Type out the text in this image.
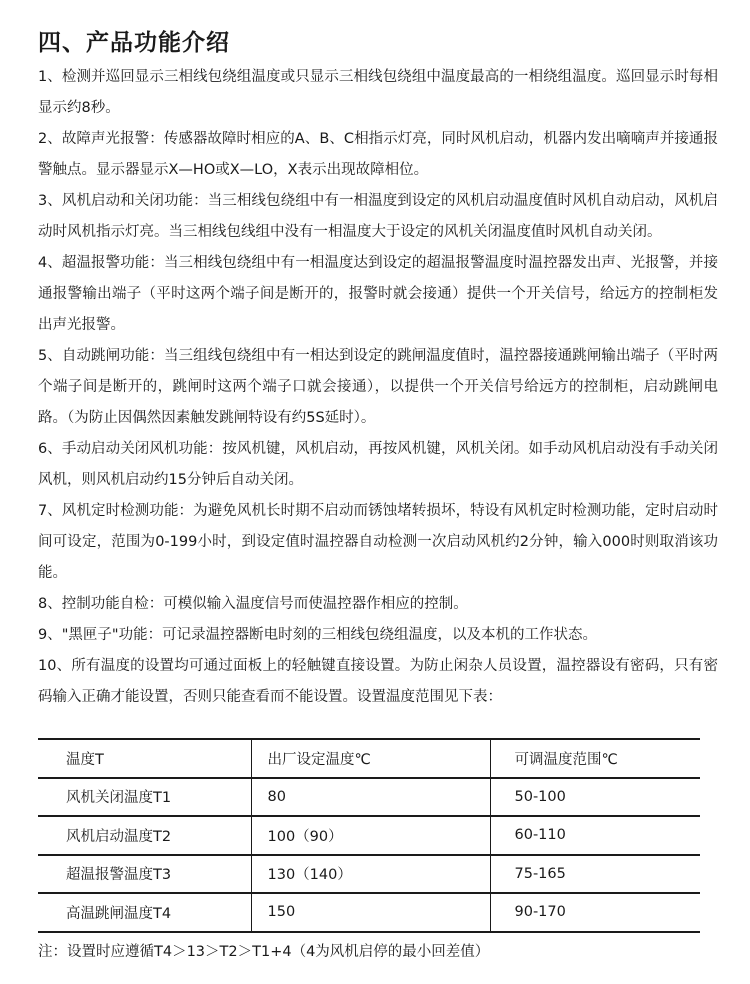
四、产品功能介绍
1、检测并巡回显示三相线包绕组温度或只显示三相线包绕组中温度最高的一相绕组温度。巡回显示时每相显示约8秒。
2、故障声光报警：传感器故障时相应的A、B、C相指示灯亮，同时风机启动，机器内发出嘀嘀声并接通报警触点。显示器显示X—HO或X—LO，X表示出现故障相位。
3、风机启动和关闭功能：当三相线包绕组中有一相温度到设定的风机启动温度值时风机自动启动，风机启动时风机指示灯亮。当三相线包线组中没有一相温度大于设定的风机关闭温度值时风机自动关闭。
4、超温报警功能：当三相线包绕组中有一相温度达到设定的超温报警温度时温控器发出声、光报警，并接通报警输出端子（平时这两个端子间是断开的，报警时就会接通）提供一个开关信号，给远方的控制柜发出声光报警。
5、自动跳闸功能：当三组线包绕组中有一相达到设定的跳闸温度值时，温控器接通跳闸输出端子（平时两个端子间是断开的，跳闸时这两个端子口就会接通），以提供一个开关信号给远方的控制柜，启动跳闸电路。（为防止因偶然因素触发跳闸特设有约5S延时）。
6、手动启动关闭风机功能：按风机键，风机启动，再按风机键，风机关闭。如手动风机启动没有手动关闭风机，则风机启动约15分钟后自动关闭。
7、风机定时检测功能：为避免风机长时期不启动而锈蚀堵转损坏，特设有风机定时检测功能，定时启动时间可设定，范围为0-199小时，到设定值时温控器自动检测一次启动风机约2分钟，输入000时则取消该功能。
8、控制功能自检：可模似输入温度信号而使温控器作相应的控制。
9、"黑匣子"功能：可记录温控器断电时刻的三相线包绕组温度，以及本机的工作状态。
10、所有温度的设置均可通过面板上的轻触键直接设置。为防止闲杂人员设置，温控器设有密码，只有密码输入正确才能设置，否则只能查看而不能设置。设置温度范围见下表：
温度T	出厂设定温度℃	可调温度范围℃
风机关闭温度T1	80	50-100
风机启动温度T2	100（90）	60-110
超温报警温度T3	130（140）	75-165
高温跳闸温度T4	150	90-170

注：设置时应遵循T4＞13＞T2＞T1+4（4为风机启停的最小回差值）
